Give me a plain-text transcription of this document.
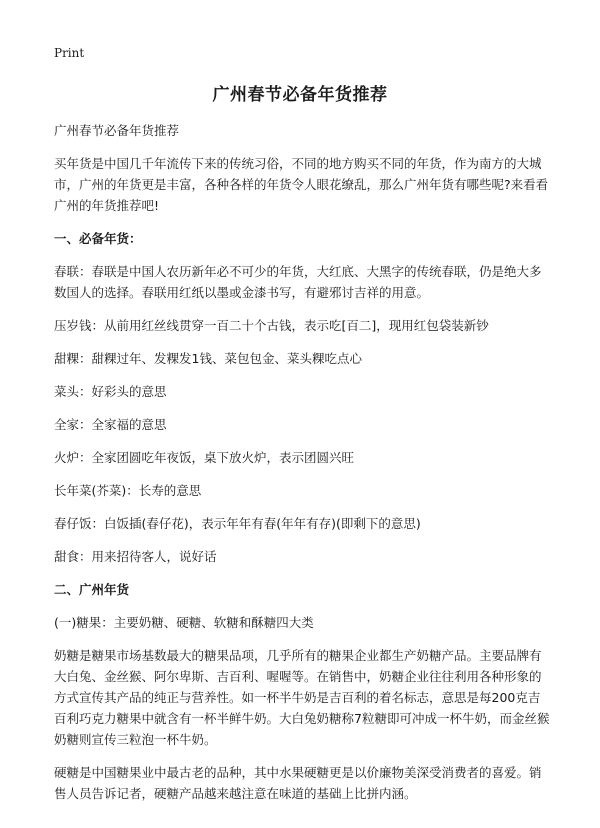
Print
广州春节必备年货推荐

广州春节必备年货推荐

买年货是中国几千年流传下来的传统习俗，不同的地方购买不同的年货，作为南方的大城市，广州的年货更是丰富，各种各样的年货令人眼花缭乱，那么广州年货有哪些呢?来看看广州的年货推荐吧!

一、必备年货：

春联：春联是中国人农历新年必不可少的年货，大红底、大黑字的传统春联，仍是绝大多数国人的选择。春联用红纸以墨或金漆书写，有避邪讨吉祥的用意。

压岁钱：从前用红丝线贯穿一百二十个古钱，表示吃[百二]，现用红包袋装新钞

甜粿：甜粿过年、发粿发1钱、菜包包金、菜头粿吃点心

菜头：好彩头的意思

全家：全家福的意思

火炉：全家团圆吃年夜饭，桌下放火炉，表示团圆兴旺

长年菜(芥菜)：长寿的意思

春仔饭：白饭插(春仔花)，表示年年有春(年年有存)(即剩下的意思)

甜食：用来招待客人，说好话

二、广州年货

(一)糖果：主要奶糖、硬糖、软糖和酥糖四大类

奶糖是糖果市场基数最大的糖果品项，几乎所有的糖果企业都生产奶糖产品。主要品牌有大白兔、金丝猴、阿尔卑斯、吉百利、喔喔等。在销售中，奶糖企业往往利用各种形象的方式宣传其产品的纯正与营养性。如一杯半牛奶是吉百利的着名标志，意思是每200克吉百利巧克力糖果中就含有一杯半鲜牛奶。大白兔奶糖称7粒糖即可冲成一杯牛奶，而金丝猴奶糖则宣传三粒泡一杯牛奶。

硬糖是中国糖果业中最古老的品种，其中水果硬糖更是以价廉物美深受消费者的喜爱。销售人员告诉记者，硬糖产品越来越注意在味道的基础上比拼内涵。
